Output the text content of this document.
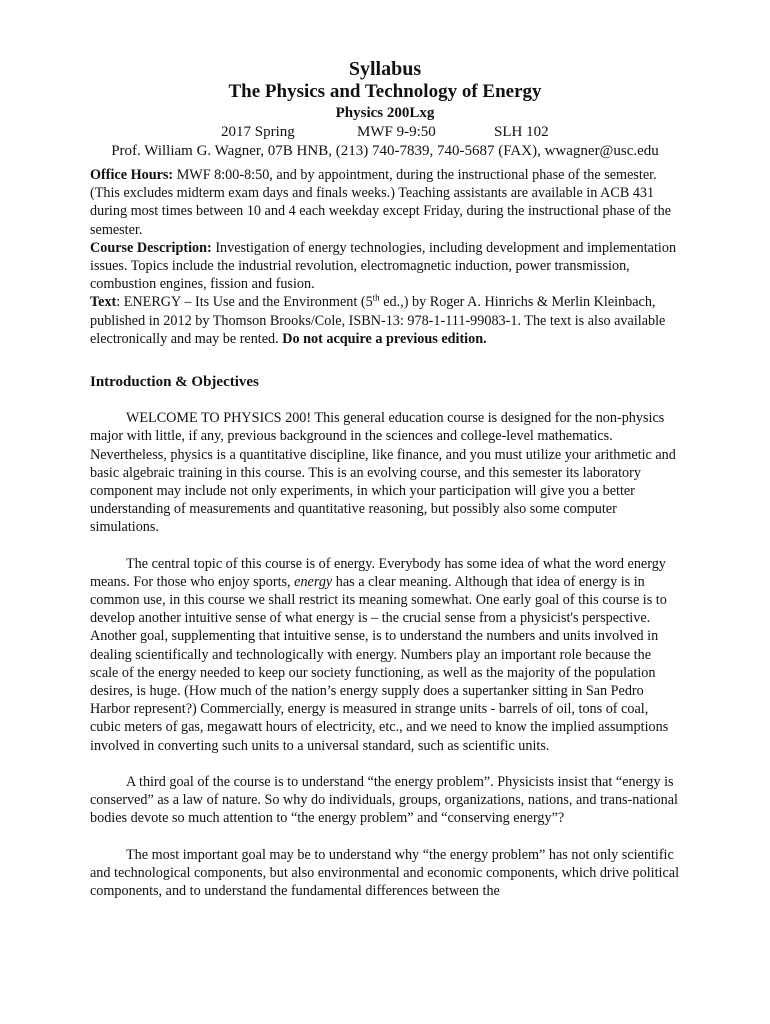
Syllabus
The Physics and Technology of Energy
Physics 200Lxg
2017 Spring	MWF 9-9:50	SLH 102
Prof. William G. Wagner, 07B HNB, (213) 740-7839, 740-5687 (FAX), wwagner@usc.edu

Office Hours: MWF 8:00-8:50, and by appointment, during the instructional phase of the semester. (This excludes midterm exam days and finals weeks.) Teaching assistants are available in ACB 431 during most times between 10 and 4 each weekday except Friday, during the instructional phase of the semester.

Course Description: Investigation of energy technologies, including development and implementation issues. Topics include the industrial revolution, electromagnetic induction, power transmission, combustion engines, fission and fusion.

Text: ENERGY – Its Use and the Environment (5th ed.,) by Roger A. Hinrichs & Merlin Kleinbach, published in 2012 by Thomson Brooks/Cole, ISBN-13: 978-1-111-99083-1. The text is also available electronically and may be rented. Do not acquire a previous edition.

Introduction & Objectives

WELCOME TO PHYSICS 200! This general education course is designed for the non-physics major with little, if any, previous background in the sciences and college-level mathematics. Nevertheless, physics is a quantitative discipline, like finance, and you must utilize your arithmetic and basic algebraic training in this course. This is an evolving course, and this semester its laboratory component may include not only experiments, in which your participation will give you a better understanding of measurements and quantitative reasoning, but possibly also some computer simulations.

The central topic of this course is of energy. Everybody has some idea of what the word energy means. For those who enjoy sports, energy has a clear meaning. Although that idea of energy is in common use, in this course we shall restrict its meaning somewhat. One early goal of this course is to develop another intuitive sense of what energy is – the crucial sense from a physicist's perspective. Another goal, supplementing that intuitive sense, is to understand the numbers and units involved in dealing scientifically and technologically with energy. Numbers play an important role because the scale of the energy needed to keep our society functioning, as well as the majority of the population desires, is huge. (How much of the nation’s energy supply does a supertanker sitting in San Pedro Harbor represent?) Commercially, energy is measured in strange units - barrels of oil, tons of coal, cubic meters of gas, megawatt hours of electricity, etc., and we need to know the implied assumptions involved in converting such units to a universal standard, such as scientific units.

A third goal of the course is to understand “the energy problem”. Physicists insist that “energy is conserved” as a law of nature. So why do individuals, groups, organizations, nations, and trans-national bodies devote so much attention to “the energy problem” and “conserving energy”?

The most important goal may be to understand why “the energy problem” has not only scientific and technological components, but also environmental and economic components, which drive political components, and to understand the fundamental differences between the
